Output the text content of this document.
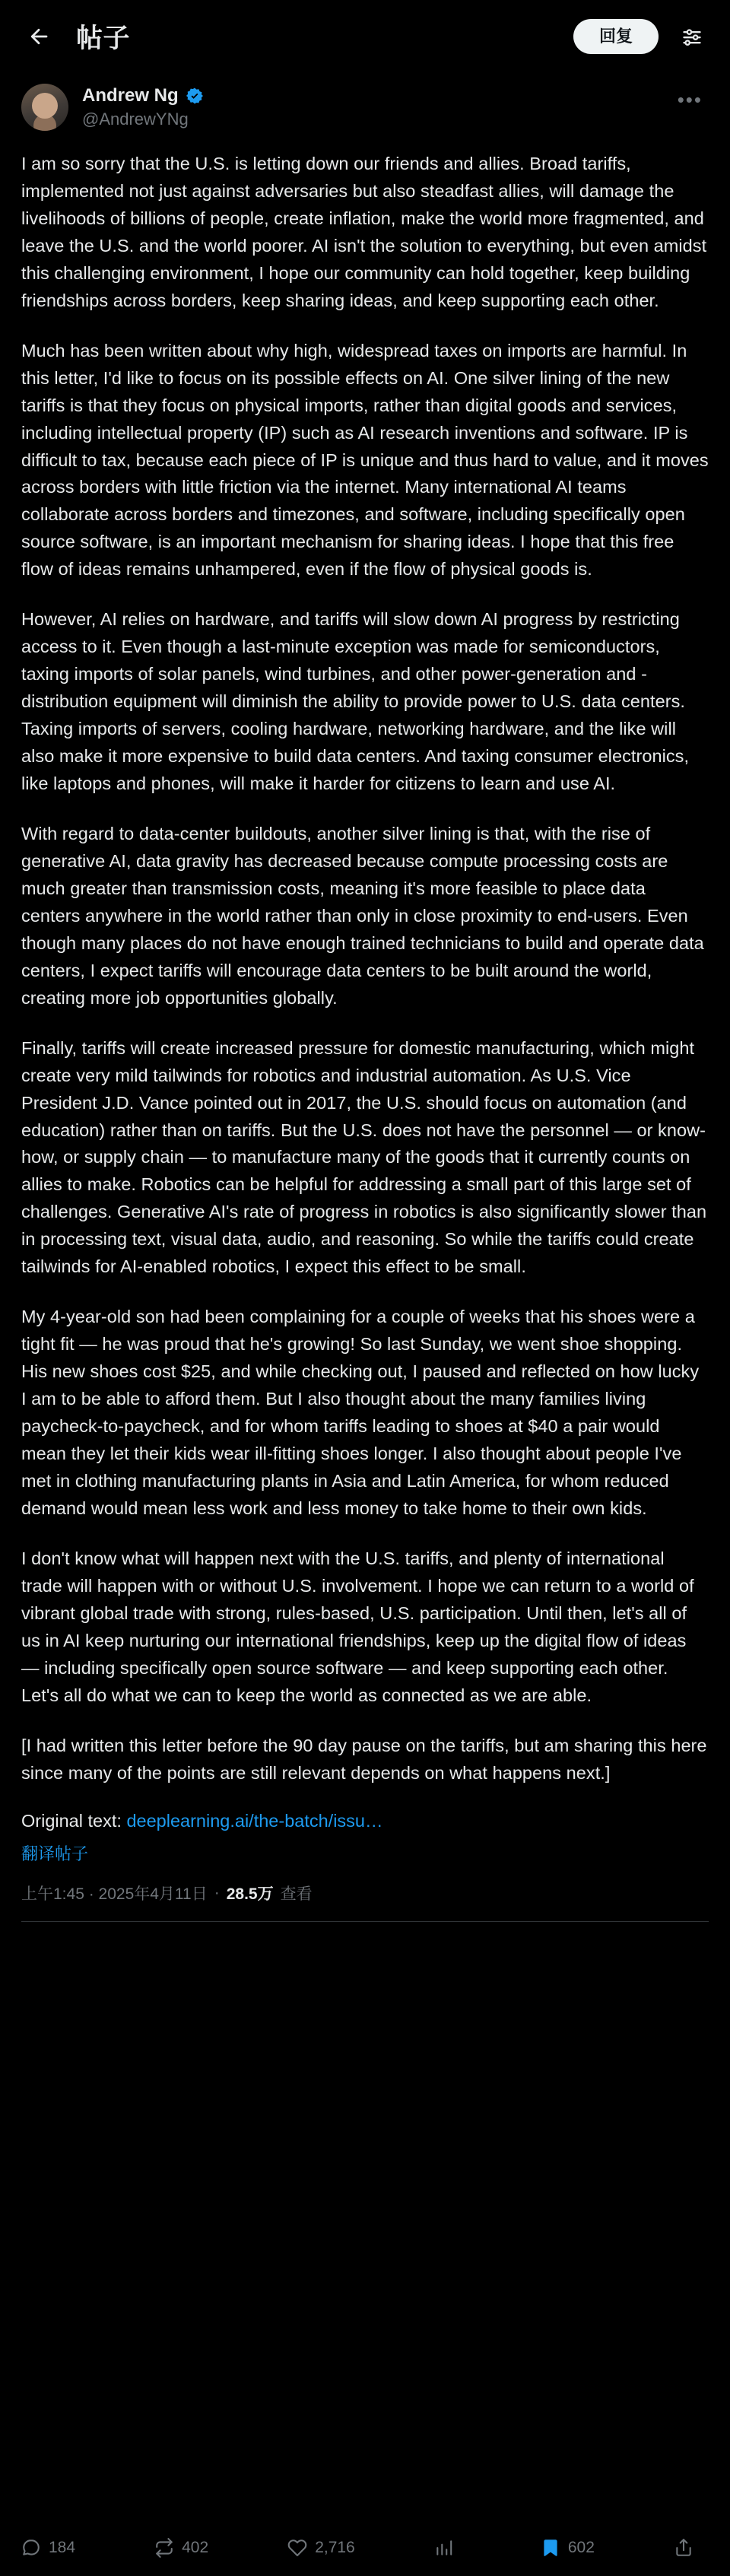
帖子	回复
Andrew Ng
@AndrewYNg
•••

I am so sorry that the U.S. is letting down our friends and allies. Broad tariffs, implemented not just against adversaries but also steadfast allies, will damage the livelihoods of billions of people, create inflation, make the world more fragmented, and leave the U.S. and the world poorer. AI isn't the solution to everything, but even amidst this challenging environment, I hope our community can hold together, keep building friendships across borders, keep sharing ideas, and keep supporting each other.

Much has been written about why high, widespread taxes on imports are harmful. In this letter, I'd like to focus on its possible effects on AI. One silver lining of the new tariffs is that they focus on physical imports, rather than digital goods and services, including intellectual property (IP) such as AI research inventions and software. IP is difficult to tax, because each piece of IP is unique and thus hard to value, and it moves across borders with little friction via the internet. Many international AI teams collaborate across borders and timezones, and software, including specifically open source software, is an important mechanism for sharing ideas. I hope that this free flow of ideas remains unhampered, even if the flow of physical goods is.

However, AI relies on hardware, and tariffs will slow down AI progress by restricting access to it. Even though a last-minute exception was made for semiconductors, taxing imports of solar panels, wind turbines, and other power-generation and -distribution equipment will diminish the ability to provide power to U.S. data centers. Taxing imports of servers, cooling hardware, networking hardware, and the like will also make it more expensive to build data centers. And taxing consumer electronics, like laptops and phones, will make it harder for citizens to learn and use AI.

With regard to data-center buildouts, another silver lining is that, with the rise of generative AI, data gravity has decreased because compute processing costs are much greater than transmission costs, meaning it's more feasible to place data centers anywhere in the world rather than only in close proximity to end-users. Even though many places do not have enough trained technicians to build and operate data centers, I expect tariffs will encourage data centers to be built around the world, creating more job opportunities globally.

Finally, tariffs will create increased pressure for domestic manufacturing, which might create very mild tailwinds for robotics and industrial automation. As U.S. Vice President J.D. Vance pointed out in 2017, the U.S. should focus on automation (and education) rather than on tariffs. But the U.S. does not have the personnel — or know-how, or supply chain — to manufacture many of the goods that it currently counts on allies to make. Robotics can be helpful for addressing a small part of this large set of challenges. Generative AI's rate of progress in robotics is also significantly slower than in processing text, visual data, audio, and reasoning. So while the tariffs could create tailwinds for AI-enabled robotics, I expect this effect to be small.

My 4-year-old son had been complaining for a couple of weeks that his shoes were a tight fit — he was proud that he's growing! So last Sunday, we went shoe shopping. His new shoes cost $25, and while checking out, I paused and reflected on how lucky I am to be able to afford them. But I also thought about the many families living paycheck-to-paycheck, and for whom tariffs leading to shoes at $40 a pair would mean they let their kids wear ill-fitting shoes longer. I also thought about people I've met in clothing manufacturing plants in Asia and Latin America, for whom reduced demand would mean less work and less money to take home to their own kids.

I don't know what will happen next with the U.S. tariffs, and plenty of international trade will happen with or without U.S. involvement. I hope we can return to a world of vibrant global trade with strong, rules-based, U.S. participation. Until then, let's all of us in AI keep nurturing our international friendships, keep up the digital flow of ideas — including specifically open source software — and keep supporting each other. Let's all do what we can to keep the world as connected as we are able.

[I had written this letter before the 90 day pause on the tariffs, but am sharing this here since many of the points are still relevant depends on what happens next.]

Original text: deeplearning.ai/the-batch/issu…
翻译帖子
上午1:45 · 2025年4月11日 · 28.5万 查看
184	402	2,716	602
